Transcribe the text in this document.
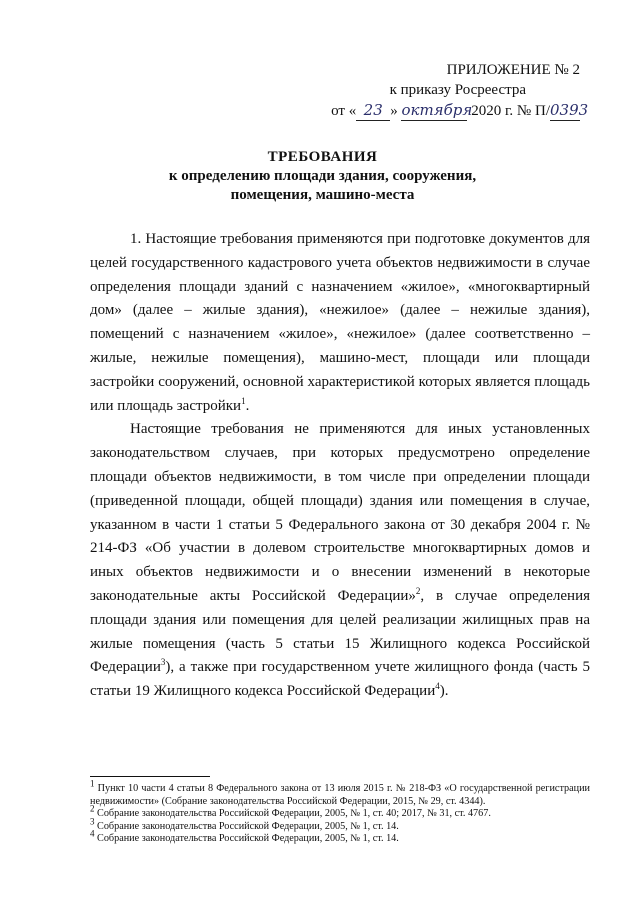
ПРИЛОЖЕНИЕ № 2
к приказу Росреестра
от « 23 » октября 2020 г. № П/0393
ТРЕБОВАНИЯ
к определению площади здания, сооружения,
помещения, машино-места

1. Настоящие требования применяются при подготовке документов для целей государственного кадастрового учета объектов недвижимости в случае определения площади зданий с назначением «жилое», «многоквартирный дом» (далее – жилые здания), «нежилое» (далее – нежилые здания), помещений с назначением «жилое», «нежилое» (далее соответственно – жилые, нежилые помещения), машино-мест, площади или площади застройки сооружений, основной характеристикой которых является площадь или площадь застройки$^1$.

Настоящие требования не применяются для иных установленных законодательством случаев, при которых предусмотрено определение площади объектов недвижимости, в том числе при определении площади (приведенной площади, общей площади) здания или помещения в случае, указанном в части 1 статьи 5 Федерального закона от 30 декабря 2004 г. № 214-ФЗ «Об участии в долевом строительстве многоквартирных домов и иных объектов недвижимости и о внесении изменений в некоторые законодательные акты Российской Федерации»$^2$, в случае определения площади здания или помещения для целей реализации жилищных прав на жилые помещения (часть 5 статьи 15 Жилищного кодекса Российской Федерации$^3$), а также при государственном учете жилищного фонда (часть 5 статьи 19 Жилищного кодекса Российской Федерации$^4$).

$^1$ Пункт 10 части 4 статьи 8 Федерального закона от 13 июля 2015 г. № 218-ФЗ «О государственной регистрации недвижимости» (Собрание законодательства Российской Федерации, 2015, № 29, ст. 4344).

$^2$ Собрание законодательства Российской Федерации, 2005, № 1, ст. 40; 2017, № 31, ст. 4767.

$^3$ Собрание законодательства Российской Федерации, 2005, № 1, ст. 14.

$^4$ Собрание законодательства Российской Федерации, 2005, № 1, ст. 14.
